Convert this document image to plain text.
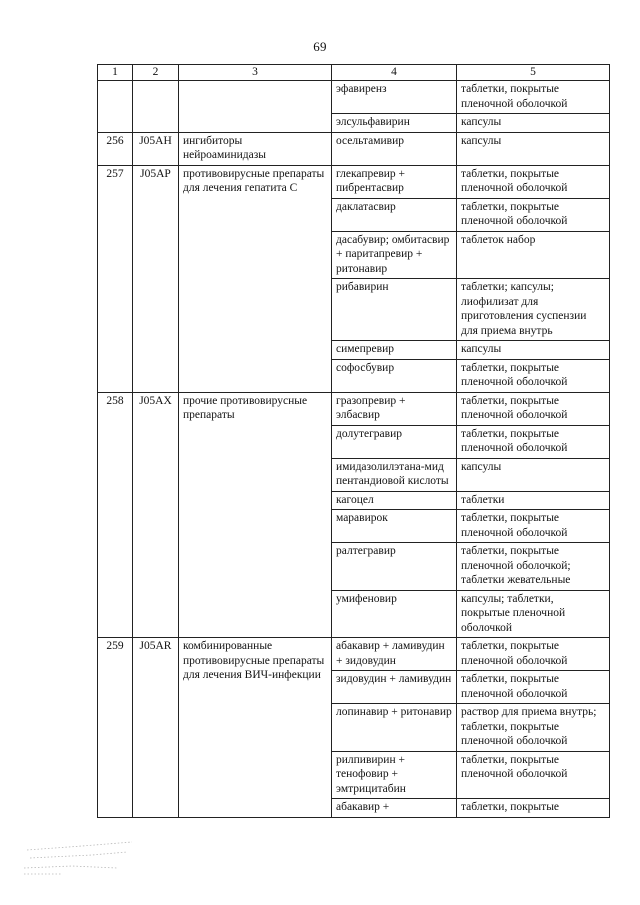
69
1	2	3	4	5
			эфавиренз	таблетки, покрытые пленочной оболочкой
			элсульфавирин	капсулы
256	J05AH	ингибиторы нейроаминидазы	осельтамивир	капсулы
257	J05AP	противовирусные препараты для лечения гепатита С	глекапревир + пибрентасвир	таблетки, покрытые пленочной оболочкой
			даклатасвир	таблетки, покрытые пленочной оболочкой
			дасабувир; омбитасвир + паритапревир + ритонавир	таблеток набор
			рибавирин	таблетки; капсулы; лиофилизат для приготовления суспензии для приема внутрь
			симепревир	капсулы
			софосбувир	таблетки, покрытые пленочной оболочкой
258	J05AX	прочие противовирусные препараты	гразопревир + элбасвир	таблетки, покрытые пленочной оболочкой
			долутегравир	таблетки, покрытые пленочной оболочкой
			имидазолилэтана-мид пентандиовой кислоты	капсулы
			кагоцел	таблетки
			маравирок	таблетки, покрытые пленочной оболочкой
			ралтегравир	таблетки, покрытые пленочной оболочкой; таблетки жевательные
			умифеновир	капсулы; таблетки, покрытые пленочной оболочкой
259	J05AR	комбинированные противовирусные препараты для лечения ВИЧ-инфекции	абакавир + ламивудин + зидовудин	таблетки, покрытые пленочной оболочкой
			зидовудин + ламивудин	таблетки, покрытые пленочной оболочкой
			лопинавир + ритонавир	раствор для приема внутрь; таблетки, покрытые пленочной оболочкой
			рилпивирин + тенофовир + эмтрицитабин	таблетки, покрытые пленочной оболочкой
			абакавир +	таблетки, покрытые
